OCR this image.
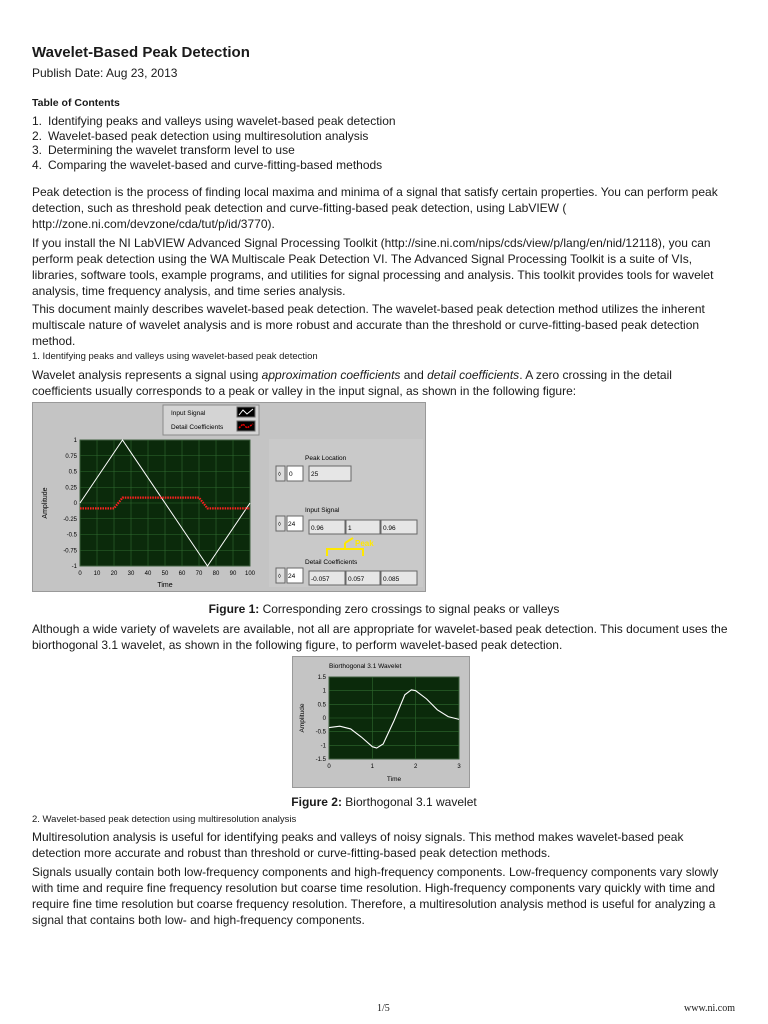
Wavelet-Based Peak Detection
Publish Date: Aug 23, 2013
Table of Contents
1. Identifying peaks and valleys using wavelet-based peak detection
2. Wavelet-based peak detection using multiresolution analysis
3. Determining the wavelet transform level to use
4. Comparing the wavelet-based and curve-fitting-based methods

Peak detection is the process of finding local maxima and minima of a signal that satisfy certain properties. You can perform peak detection, such as threshold peak detection and curve-fitting-based peak detection, using LabVIEW ( http://zone.ni.com/devzone/cda/tut/p/id/3770).

If you install the NI LabVIEW Advanced Signal Processing Toolkit (http://sine.ni.com/nips/cds/view/p/lang/en/nid/12118), you can perform peak detection using the WA Multiscale Peak Detection VI. The Advanced Signal Processing Toolkit is a suite of VIs, libraries, software tools, example programs, and utilities for signal processing and analysis. This toolkit provides tools for wavelet analysis, time frequency analysis, and time series analysis.

This document mainly describes wavelet-based peak detection. The wavelet-based peak detection method utilizes the inherent multiscale nature of wavelet analysis and is more robust and accurate than the threshold or curve-fitting-based peak detection method.

1. Identifying peaks and valleys using wavelet-based peak detection

Wavelet analysis represents a signal using approximation coefficients and detail coefficients. A zero crossing in the detail coefficients usually corresponds to a peak or valley in the input signal, as shown in the following figure:

Input Signal
Detail Coefficients
1
0.75
0.5
0.25
0
-0.25
-0.5
-0.75
-1
0 10 20 30 40 50 60 70 80 90 100
Amplitude
Time
Peak Location
◊ 0	25
Input Signal
◊ 24
0.96	1	0.96
Peak
Detail Coefficients
◊ 24 -0.057	0.057	0.085
Figure 1: Corresponding zero crossings to signal peaks or valleys

Although a wide variety of wavelets are available, not all are appropriate for wavelet-based peak detection. This document uses the biorthogonal 3.1 wavelet, as shown in the following figure, to perform wavelet-based peak detection.

Biorthogonal 3.1 Wavelet
1.5
1
0.5
0
-0.5
-1
-1.5
0	1	2	3
Amplitude
Time
Figure 2: Biorthogonal 3.1 wavelet
2. Wavelet-based peak detection using multiresolution analysis

Multiresolution analysis is useful for identifying peaks and valleys of noisy signals. This method makes wavelet-based peak detection more accurate and robust than threshold or curve-fitting-based peak detection methods.

Signals usually contain both low-frequency components and high-frequency components. Low-frequency components vary slowly with time and require fine frequency resolution but coarse time resolution. High-frequency components vary quickly with time and require fine time resolution but coarse frequency resolution. Therefore, a multiresolution analysis method is useful for analyzing a signal that contains both low- and high-frequency components.

1/5	www.ni.com
